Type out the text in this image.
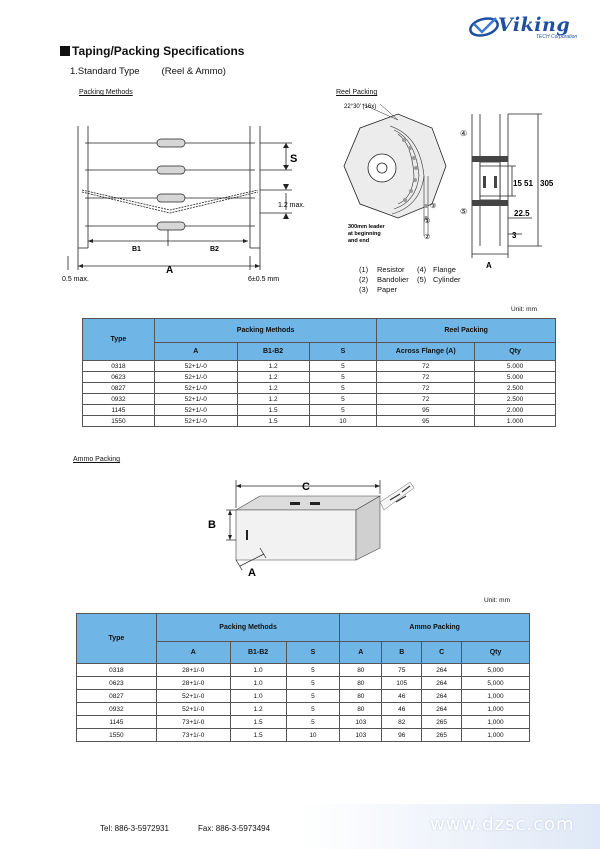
Viking
TECH Corporation
Taping/Packing Specifications
1.Standard Type (Reel & Ammo)
Packing Methods	Reel Packing
S
1.2 max.
B1	B2
A
0.5 max.	6±0.5 mm
22°30' (16x)
300mm leader
at beginning
and end
③
①
②
④
⑤
15 51 305
22.5
3
A
(1) Resistor (4) Flange
(2) Bandolier (5) Cylinder
(3) Paper
Unit: mm
Type	Packing Methods			Reel Packing	
	A	B1-B2	S	Across Flange (A)	Qty
0318	52+1/-0	1.2	5	72	5.000
0623	52+1/-0	1.2	5	72	5.000
0827	52+1/-0	1.2	5	72	2.500
0932	52+1/-0	1.2	5	72	2.500
1145	52+1/-0	1.5	5	95	2.000
1550	52+1/-0	1.5	10	95	1.000
Ammo Packing
C
B
A
Unit: mm
Type	Packing Methods			Ammo Packing			
	A	B1-B2	S	A	B	C	Qty
0318	28+1/-0	1.0	5	80	75	264	5,000
0623	28+1/-0	1.0	5	80	105	264	5,000
0827	52+1/-0	1.0	5	80	46	264	1,000
0932	52+1/-0	1.2	5	80	46	264	1,000
1145	73+1/-0	1.5	5	103	82	265	1,000
1550	73+1/-0	1.5	10	103	96	265	1,000
Tel: 886-3-5972931	Fax: 886-3-5973494	www.dzsc.com
